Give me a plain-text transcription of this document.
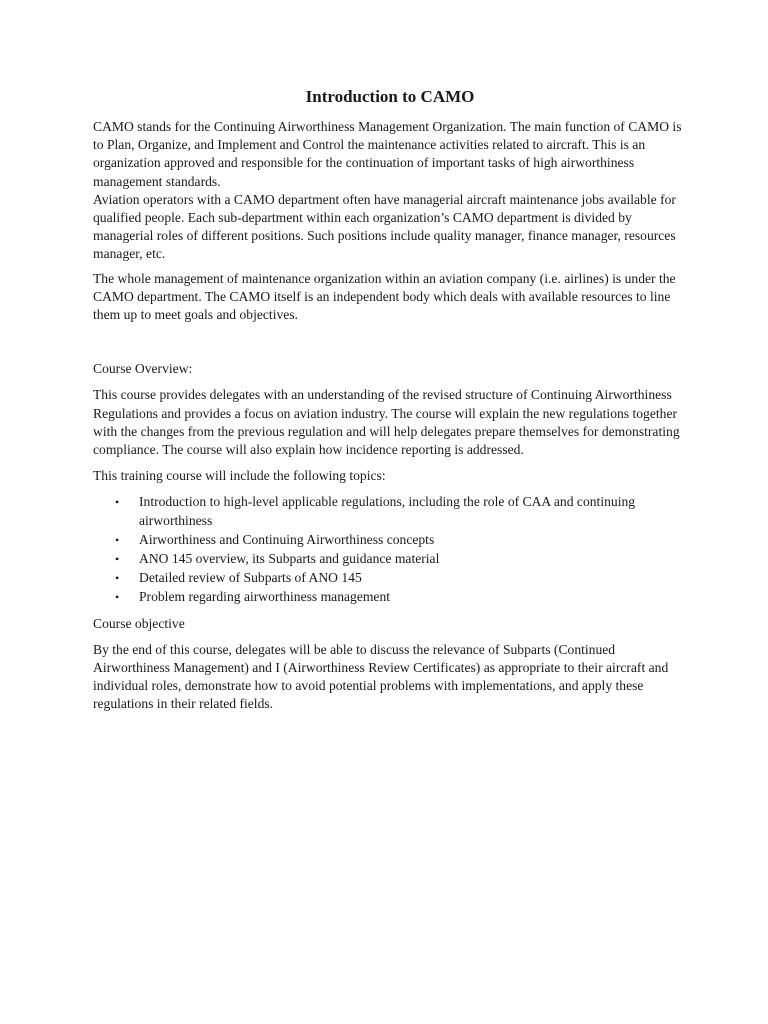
Introduction to CAMO

CAMO stands for the Continuing Airworthiness Management Organization. The main function of CAMO is to Plan, Organize, and Implement and Control the maintenance activities related to aircraft. This is an organization approved and responsible for the continuation of important tasks of high airworthiness management standards.

Aviation operators with a CAMO department often have managerial aircraft maintenance jobs available for qualified people. Each sub-department within each organization’s CAMO department is divided by managerial roles of different positions. Such positions include quality manager, finance manager, resources manager, etc.

The whole management of maintenance organization within an aviation company (i.e. airlines) is under the CAMO department. The CAMO itself is an independent body which deals with available resources to line them up to meet goals and objectives.

Course Overview:

This course provides delegates with an understanding of the revised structure of Continuing Airworthiness Regulations and provides a focus on aviation industry. The course will explain the new regulations together with the changes from the previous regulation and will help delegates prepare themselves for demonstrating compliance. The course will also explain how incidence reporting is addressed.

This training course will include the following topics:

• Introduction to high-level applicable regulations, including the role of CAA and continuing airworthiness
• Airworthiness and Continuing Airworthiness concepts
• ANO 145 overview, its Subparts and guidance material
• Detailed review of Subparts of ANO 145
• Problem regarding airworthiness management

Course objective

By the end of this course, delegates will be able to discuss the relevance of Subparts (Continued Airworthiness Management) and I (Airworthiness Review Certificates) as appropriate to their aircraft and individual roles, demonstrate how to avoid potential problems with implementations, and apply these regulations in their related fields.
